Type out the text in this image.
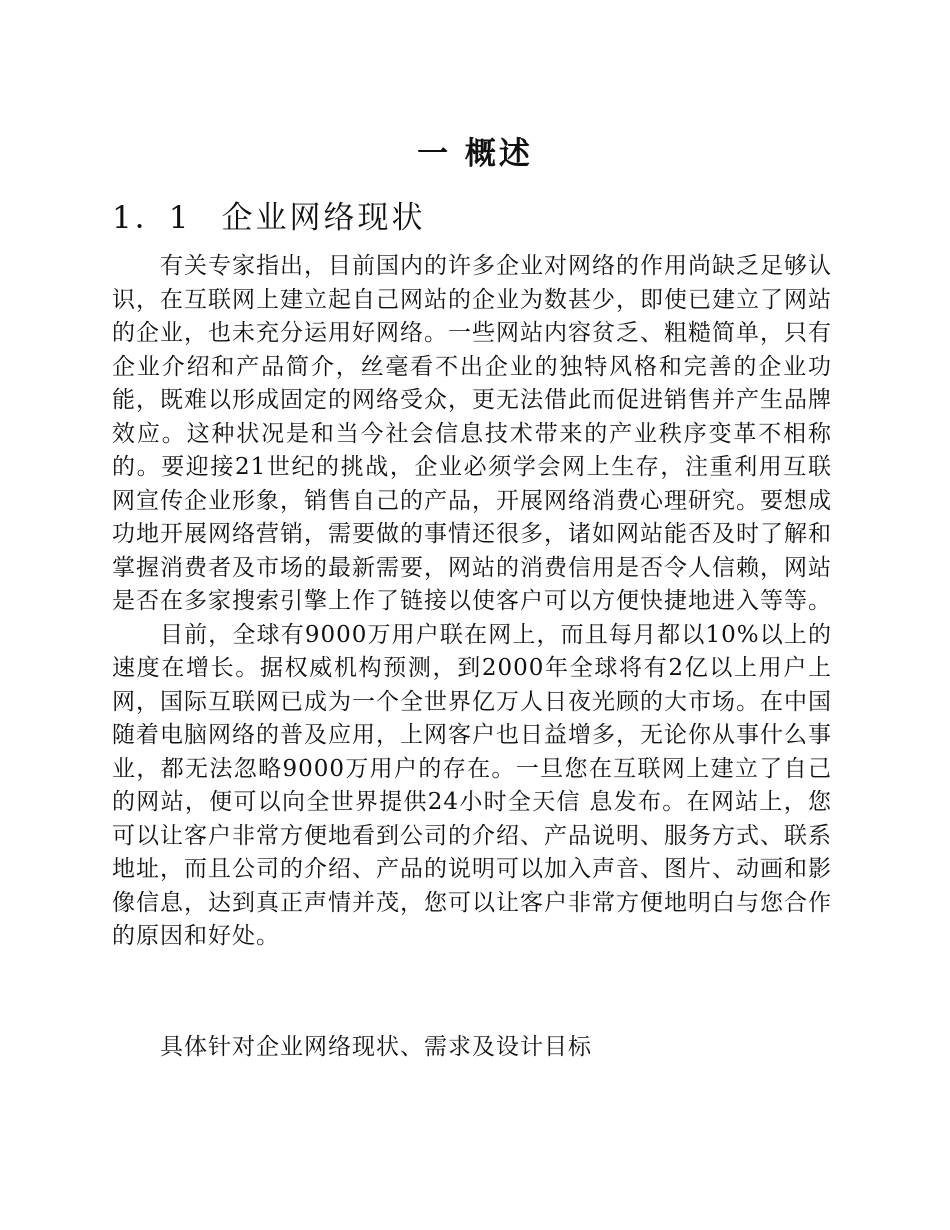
一 概述
1．1 企业网络现状

有关专家指出，目前国内的许多企业对网络的作用尚缺乏足够认识，在互联网上建立起自己网站的企业为数甚少，即使已建立了网站的企业，也未充分运用好网络。一些网站内容贫乏、粗糙简单，只有企业介绍和产品简介，丝毫看不出企业的独特风格和完善的企业功能，既难以形成固定的网络受众，更无法借此而促进销售并产生品牌效应。这种状况是和当今社会信息技术带来的产业秩序变革不相称的。要迎接21世纪的挑战，企业必须学会网上生存，注重利用互联网宣传企业形象，销售自己的产品，开展网络消费心理研究。要想成功地开展网络营销，需要做的事情还很多，诸如网站能否及时了解和掌握消费者及市场的最新需要，网站的消费信用是否令人信赖，网站是否在多家搜索引擎上作了链接以使客户可以方便快捷地进入等等。

目前，全球有9000万用户联在网上，而且每月都以10%以上的速度在增长。据权威机构预测，到2000年全球将有2亿以上用户上网，国际互联网已成为一个全世界亿万人日夜光顾的大市场。在中国随着电脑网络的普及应用，上网客户也日益增多，无论你从事什么事业，都无法忽略9000万用户的存在。一旦您在互联网上建立了自己的网站，便可以向全世界提供24小时全天信 息发布。在网站上，您可以让客户非常方便地看到公司的介绍、产品说明、服务方式、联系地址，而且公司的介绍、产品的说明可以加入声音、图片、动画和影像信息，达到真正声情并茂，您可以让客户非常方便地明白与您合作的原因和好处。

具体针对企业网络现状、需求及设计目标
